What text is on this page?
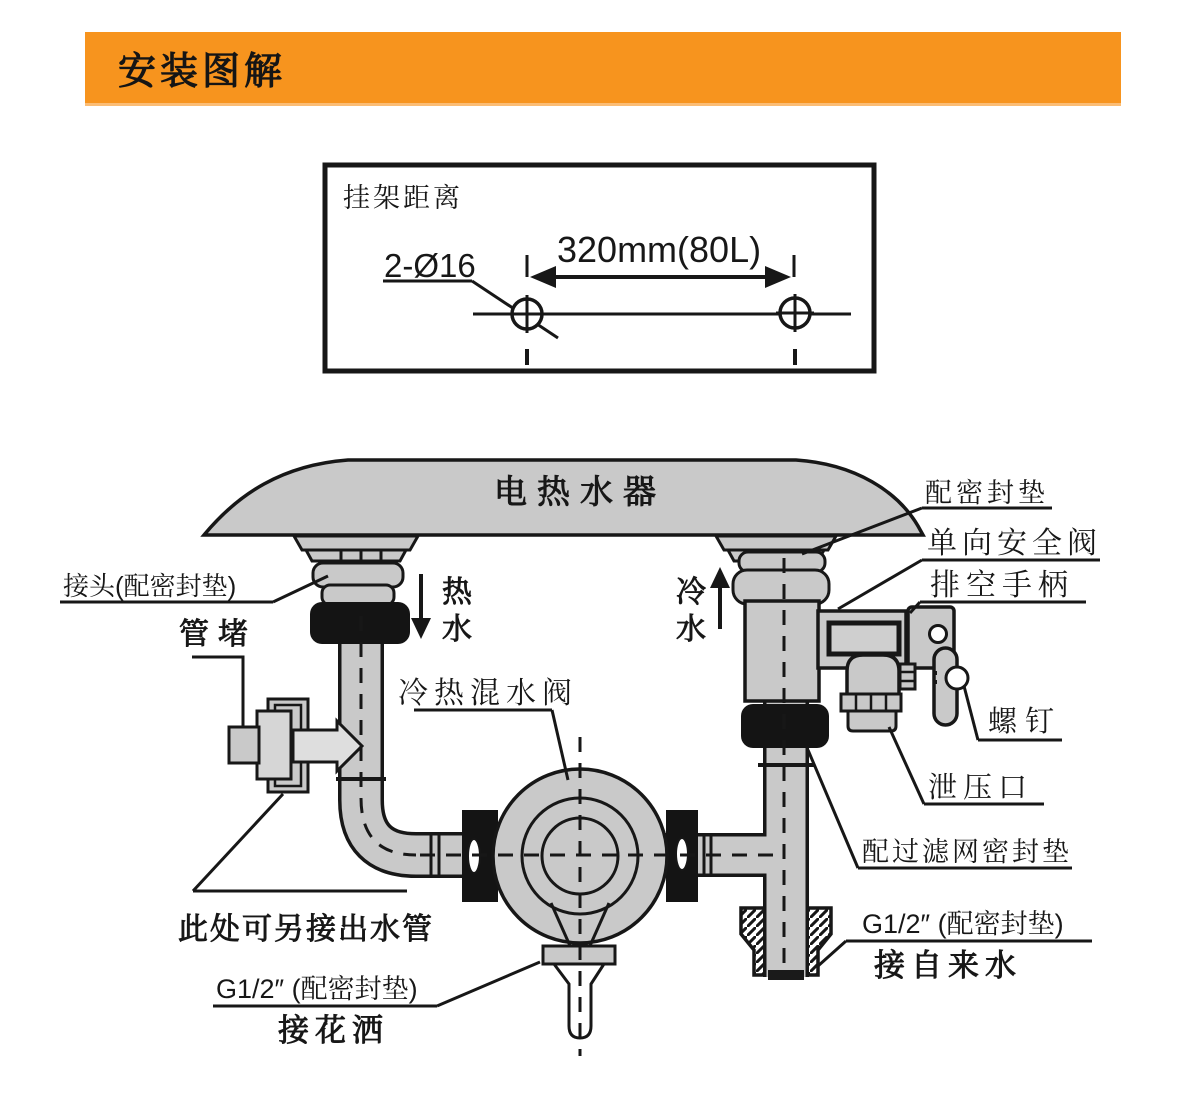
安装图解
挂架距离
2-Ø16 320mm(80L)
电热水器
热
水
冷
水
配密封垫
单向安全阀
排空手柄
螺钉
泄压口
配过滤网密封垫
G1/2″ (配密封垫)
接自来水
接头(配密封垫)
管堵
冷热混水阀
此处可另接出水管
G1/2″ (配密封垫)
接花洒
